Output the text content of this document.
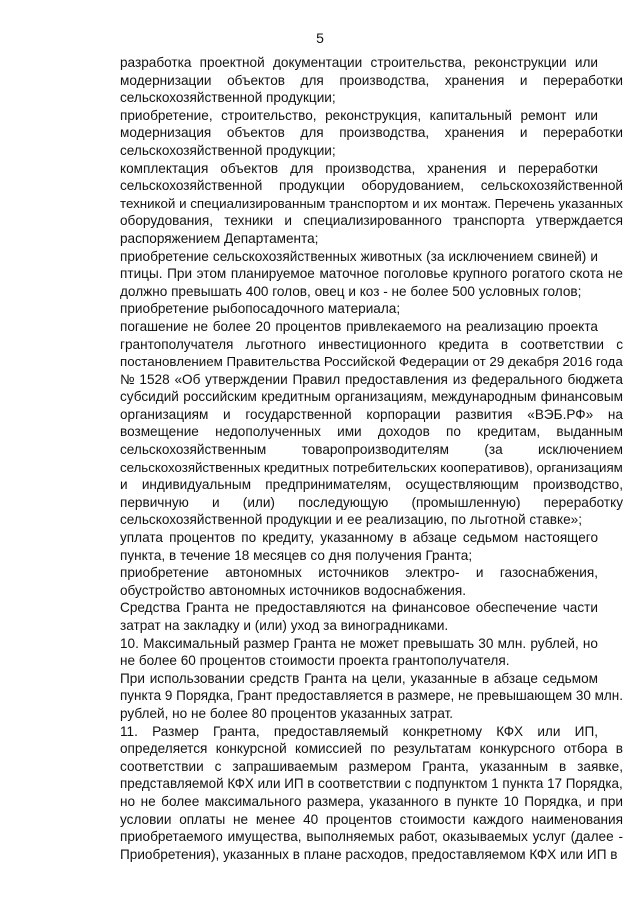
5

разработка проектной документации строительства, реконструкции или
модернизации объектов для производства, хранения и переработки
сельскохозяйственной продукции;

приобретение, строительство, реконструкция, капитальный ремонт или
модернизация объектов для производства, хранения и переработки
сельскохозяйственной продукции;

комплектация объектов для производства, хранения и переработки
сельскохозяйственной продукции оборудованием, сельскохозяйственной
техникой и специализированным транспортом и их монтаж. Перечень указанных
оборудования, техники и специализированного транспорта утверждается
распоряжением Департамента;

приобретение сельскохозяйственных животных (за исключением свиней) и
птицы. При этом планируемое маточное поголовье крупного рогатого скота не
должно превышать 400 голов, овец и коз - не более 500 условных голов;

приобретение рыбопосадочного материала;

погашение не более 20 процентов привлекаемого на реализацию проекта
грантополучателя льготного инвестиционного кредита в соответствии с
постановлением Правительства Российской Федерации от 29 декабря 2016 года
№ 1528 «Об утверждении Правил предоставления из федерального бюджета
субсидий российским кредитным организациям, международным финансовым
организациям и государственной корпорации развития «ВЭБ.РФ» на
возмещение недополученных ими доходов по кредитам, выданным
сельскохозяйственным товаропроизводителям (за исключением
сельскохозяйственных кредитных потребительских кооперативов), организациям
и индивидуальным предпринимателям, осуществляющим производство,
первичную и (или) последующую (промышленную) переработку
сельскохозяйственной продукции и ее реализацию, по льготной ставке»;

уплата процентов по кредиту, указанному в абзаце седьмом настоящего
пункта, в течение 18 месяцев со дня получения Гранта;

приобретение автономных источников электро- и газоснабжения,
обустройство автономных источников водоснабжения.

Средства Гранта не предоставляются на финансовое обеспечение части
затрат на закладку и (или) уход за виноградниками.

10. Максимальный размер Гранта не может превышать 30 млн. рублей, но
не более 60 процентов стоимости проекта грантополучателя.

При использовании средств Гранта на цели, указанные в абзаце седьмом
пункта 9 Порядка, Грант предоставляется в размере, не превышающем 30 млн.
рублей, но не более 80 процентов указанных затрат.

11. Размер Гранта, предоставляемый конкретному КФХ или ИП,
определяется конкурсной комиссией по результатам конкурсного отбора в
соответствии с запрашиваемым размером Гранта, указанным в заявке,
представляемой КФХ или ИП в соответствии с подпунктом 1 пункта 17 Порядка,
но не более максимального размера, указанного в пункте 10 Порядка, и при
условии оплаты не менее 40 процентов стоимости каждого наименования
приобретаемого имущества, выполняемых работ, оказываемых услуг (далее -
Приобретения), указанных в плане расходов, предоставляемом КФХ или ИП в
